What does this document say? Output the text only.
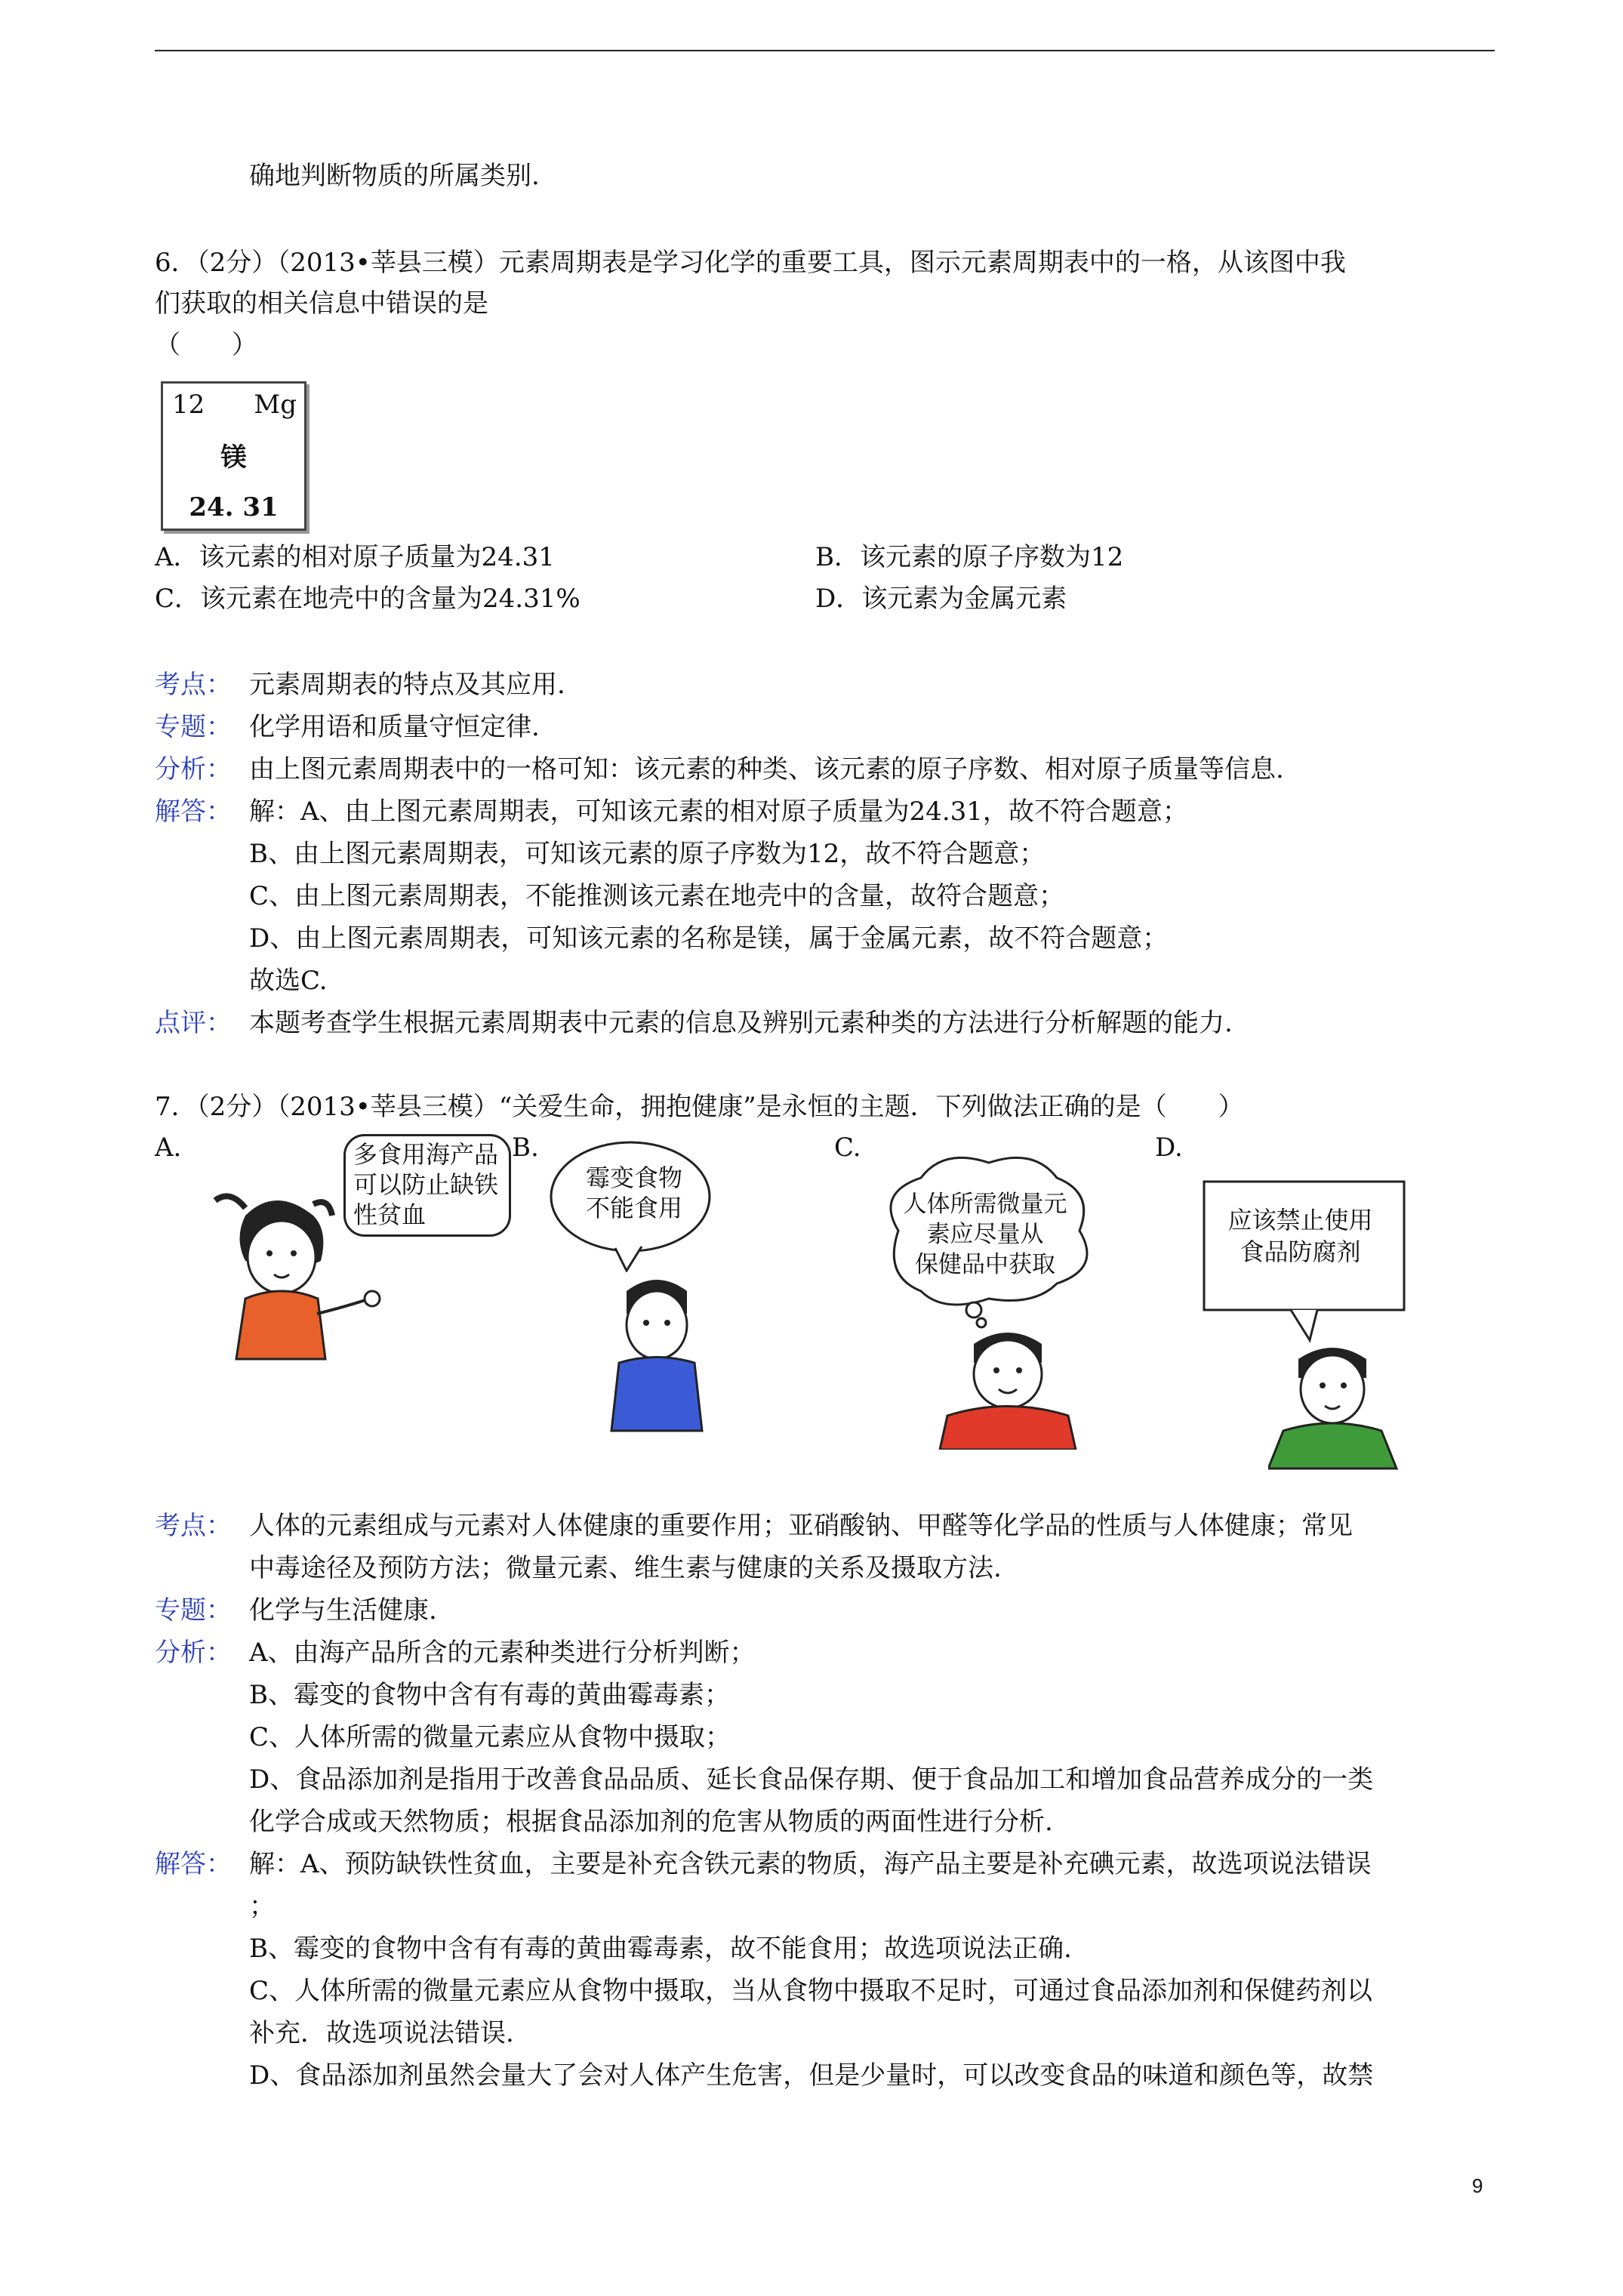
确地判断物质的所属类别.
6．（2分）（2013•莘县三模）元素周期表是学习化学的重要工具，图示元素周期表中的一格，从该图中我
们获取的相关信息中错误的是
（　　）
12 Mg
镁
24. 31
A．该元素的相对原子质量为24.31	B．该元素的原子序数为12
C．该元素在地壳中的含量为24.31%	D．该元素为金属元素
考点： 元素周期表的特点及其应用.
专题： 化学用语和质量守恒定律.
分析： 由上图元素周期表中的一格可知：该元素的种类、该元素的原子序数、相对原子质量等信息.
解答： 解：A、由上图元素周期表，可知该元素的相对原子质量为24.31，故不符合题意；
B、由上图元素周期表，可知该元素的原子序数为12，故不符合题意；
C、由上图元素周期表，不能推测该元素在地壳中的含量，故符合题意；
D、由上图元素周期表，可知该元素的名称是镁，属于金属元素，故不符合题意；
故选C.
点评： 本题考查学生根据元素周期表中元素的信息及辨别元素种类的方法进行分析解题的能力.
7．（2分）（2013•莘县三模）“关爱生命，拥抱健康”是永恒的主题．下列做法正确的是（　　）
A.	B.	C.	D.
多食用海产品
可以防止缺铁
性贫血
霉变食物
不能食用	人体所需微量元
素应尽量从
保健品中获取
应该禁止使用
食品防腐剂
考点： 人体的元素组成与元素对人体健康的重要作用；亚硝酸钠、甲醛等化学品的性质与人体健康；常见
中毒途径及预防方法；微量元素、维生素与健康的关系及摄取方法.
专题： 化学与生活健康.
分析： A、由海产品所含的元素种类进行分析判断；
B、霉变的食物中含有有毒的黄曲霉毒素；
C、人体所需的微量元素应从食物中摄取；
D、食品添加剂是指用于改善食品品质、延长食品保存期、便于食品加工和增加食品营养成分的一类
化学合成或天然物质；根据食品添加剂的危害从物质的两面性进行分析.
解答： 解：A、预防缺铁性贫血，主要是补充含铁元素的物质，海产品主要是补充碘元素，故选项说法错误
；
B、霉变的食物中含有有毒的黄曲霉毒素，故不能食用；故选项说法正确.
C、人体所需的微量元素应从食物中摄取，当从食物中摄取不足时，可通过食品添加剂和保健药剂以
补充．故选项说法错误.
D、食品添加剂虽然会量大了会对人体产生危害，但是少量时，可以改变食品的味道和颜色等，故禁
9
